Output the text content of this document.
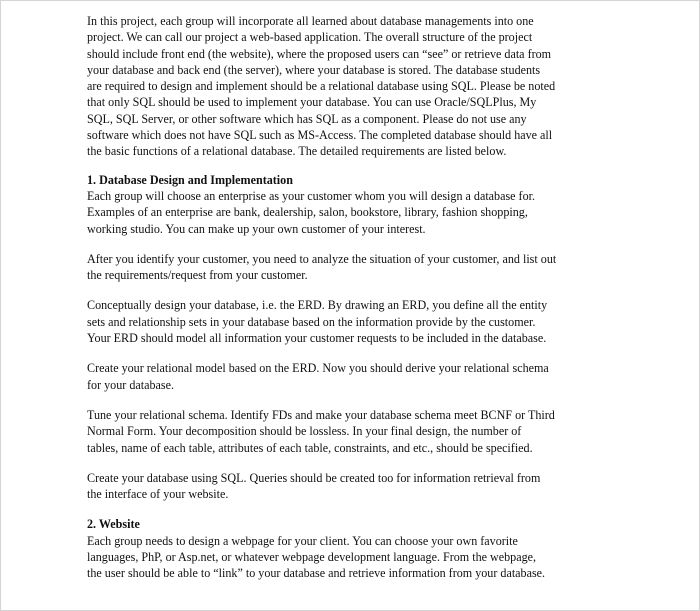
In this project, each group will incorporate all learned about database managements into one
project. We can call our project a web-based application. The overall structure of the project
should include front end (the website), where the proposed users can “see” or retrieve data from
your database and back end (the server), where your database is stored. The database students
are required to design and implement should be a relational database using SQL. Please be noted
that only SQL should be used to implement your database. You can use Oracle/SQLPlus, My
SQL, SQL Server, or other software which has SQL as a component. Please do not use any
software which does not have SQL such as MS-Access. The completed database should have all
the basic functions of a relational database. The detailed requirements are listed below.
1. Database Design and Implementation
Each group will choose an enterprise as your customer whom you will design a database for.
Examples of an enterprise are bank, dealership, salon, bookstore, library, fashion shopping,
working studio. You can make up your own customer of your interest.
After you identify your customer, you need to analyze the situation of your customer, and list out
the requirements/request from your customer.
Conceptually design your database, i.e. the ERD. By drawing an ERD, you define all the entity
sets and relationship sets in your database based on the information provide by the customer.
Your ERD should model all information your customer requests to be included in the database.
Create your relational model based on the ERD. Now you should derive your relational schema
for your database.
Tune your relational schema. Identify FDs and make your database schema meet BCNF or Third
Normal Form. Your decomposition should be lossless. In your final design, the number of
tables, name of each table, attributes of each table, constraints, and etc., should be specified.
Create your database using SQL. Queries should be created too for information retrieval from
the interface of your website.
2. Website
Each group needs to design a webpage for your client. You can choose your own favorite
languages, PhP, or Asp.net, or whatever webpage development language. From the webpage,
the user should be able to “link” to your database and retrieve information from your database.
